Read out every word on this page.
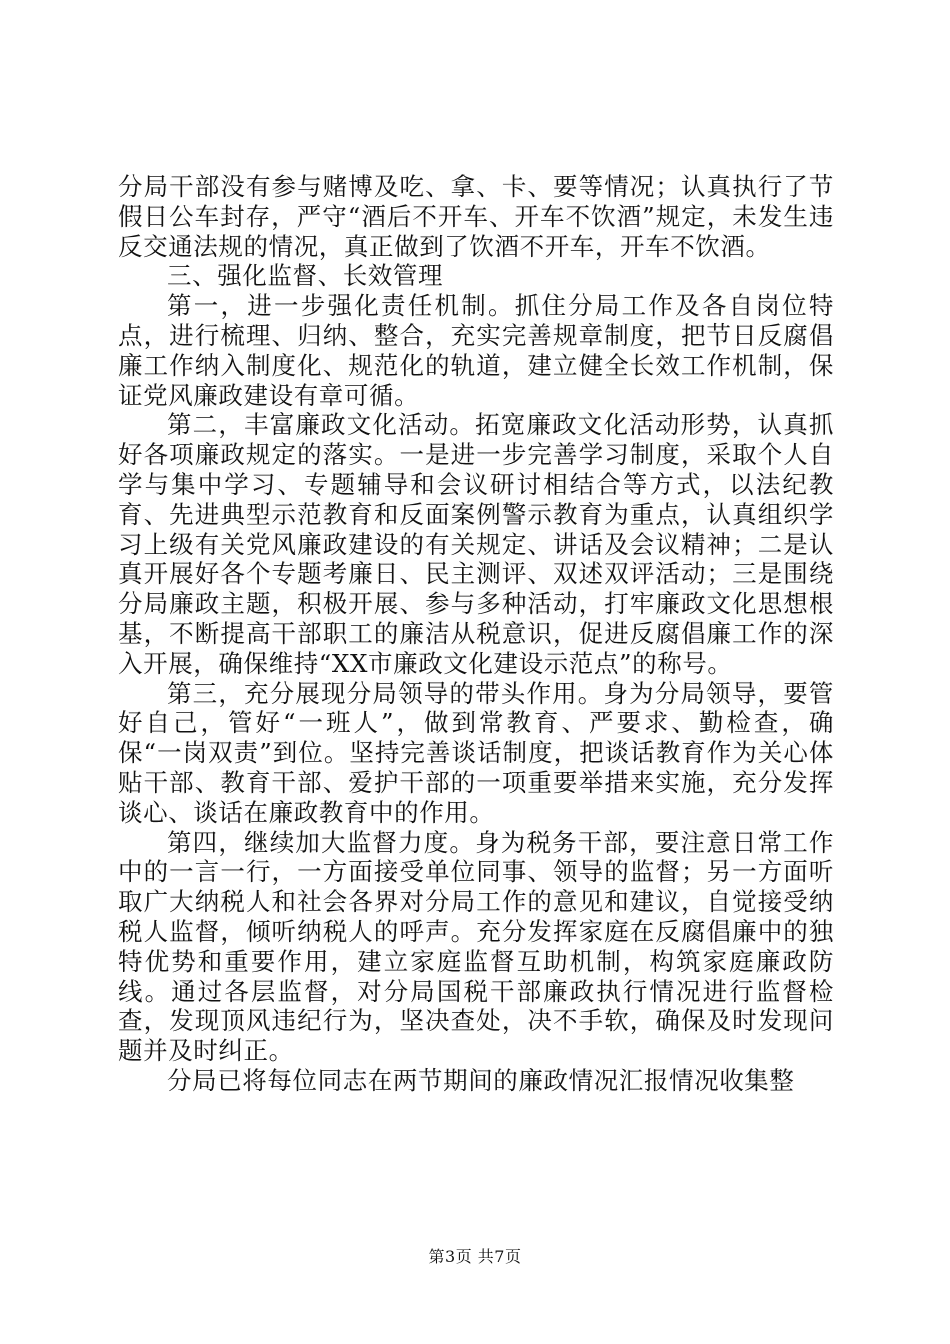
分局干部没有参与赌博及吃、拿、卡、要等情况；认真执行了节假日公车封存，严守“酒后不开车、开车不饮酒”规定，未发生违反交通法规的情况，真正做到了饮酒不开车，开车不饮酒。

三、强化监督、长效管理

第一，进一步强化责任机制。抓住分局工作及各自岗位特点，进行梳理、归纳、整合，充实完善规章制度，把节日反腐倡廉工作纳入制度化、规范化的轨道，建立健全长效工作机制，保证党风廉政建设有章可循。

第二，丰富廉政文化活动。拓宽廉政文化活动形势，认真抓好各项廉政规定的落实。一是进一步完善学习制度，采取个人自学与集中学习、专题辅导和会议研讨相结合等方式，以法纪教育、先进典型示范教育和反面案例警示教育为重点，认真组织学习上级有关党风廉政建设的有关规定、讲话及会议精神；二是认真开展好各个专题考廉日、民主测评、双述双评活动；三是围绕分局廉政主题，积极开展、参与多种活动，打牢廉政文化思想根基，不断提高干部职工的廉洁从税意识，促进反腐倡廉工作的深入开展，确保维持“XX市廉政文化建设示范点”的称号。

第三，充分展现分局领导的带头作用。身为分局领导，要管好自己，管好“一班人”，做到常教育、严要求、勤检查，确保“一岗双责”到位。坚持完善谈话制度，把谈话教育作为关心体贴干部、教育干部、爱护干部的一项重要举措来实施，充分发挥谈心、谈话在廉政教育中的作用。

第四，继续加大监督力度。身为税务干部，要注意日常工作中的一言一行，一方面接受单位同事、领导的监督；另一方面听取广大纳税人和社会各界对分局工作的意见和建议，自觉接受纳税人监督，倾听纳税人的呼声。充分发挥家庭在反腐倡廉中的独特优势和重要作用，建立家庭监督互助机制，构筑家庭廉政防线。通过各层监督，对分局国税干部廉政执行情况进行监督检查，发现顶风违纪行为，坚决查处，决不手软，确保及时发现问题并及时纠正。

分局已将每位同志在两节期间的廉政情况汇报情况收集整

第3页 共7页
